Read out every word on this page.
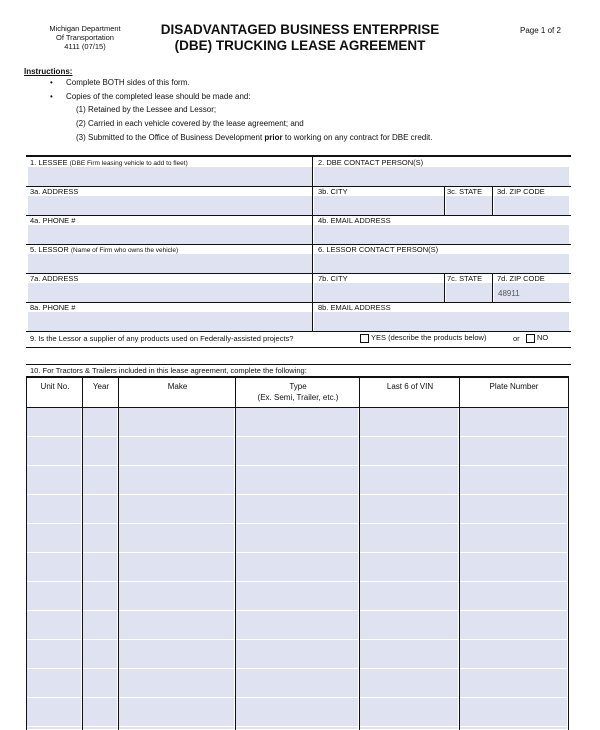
Michigan Department
Of Transportation
4111 (07/15)
DISADVANTAGED BUSINESS ENTERPRISE
(DBE) TRUCKING LEASE AGREEMENT
Page 1 of 2
Instructions:
• Complete BOTH sides of this form.
• Copies of the completed lease should be made and:
(1) Retained by the Lessee and Lessor;
(2) Carried in each vehicle covered by the lease agreement; and
(3) Submitted to the Office of Business Development prior to working on any contract for DBE credit.
1. LESSEE (DBE Firm leasing vehicle to add to fleet)	2. DBE CONTACT PERSON(S)
3a. ADDRESS	3b. CITY	3c. STATE 3d. ZIP CODE
4a. PHONE #	4b. EMAIL ADDRESS
5. LESSOR (Name of Firm who owns the vehicle)	6. LESSOR CONTACT PERSON(S)
7a. ADDRESS	7b. CITY	7c. STATE 7d. ZIP CODE
48911
8a. PHONE #	8b. EMAIL ADDRESS
9. Is the Lessor a supplier of any products used on Federally-assisted projects?	YES (describe the products below)	or	NO
10. For Tractors & Trailers included in this lease agreement, complete the following:
Unit No.	Year	Make	Type
(Ex. Semi, Trailer, etc.)
Last 6 of VIN	Plate Number
